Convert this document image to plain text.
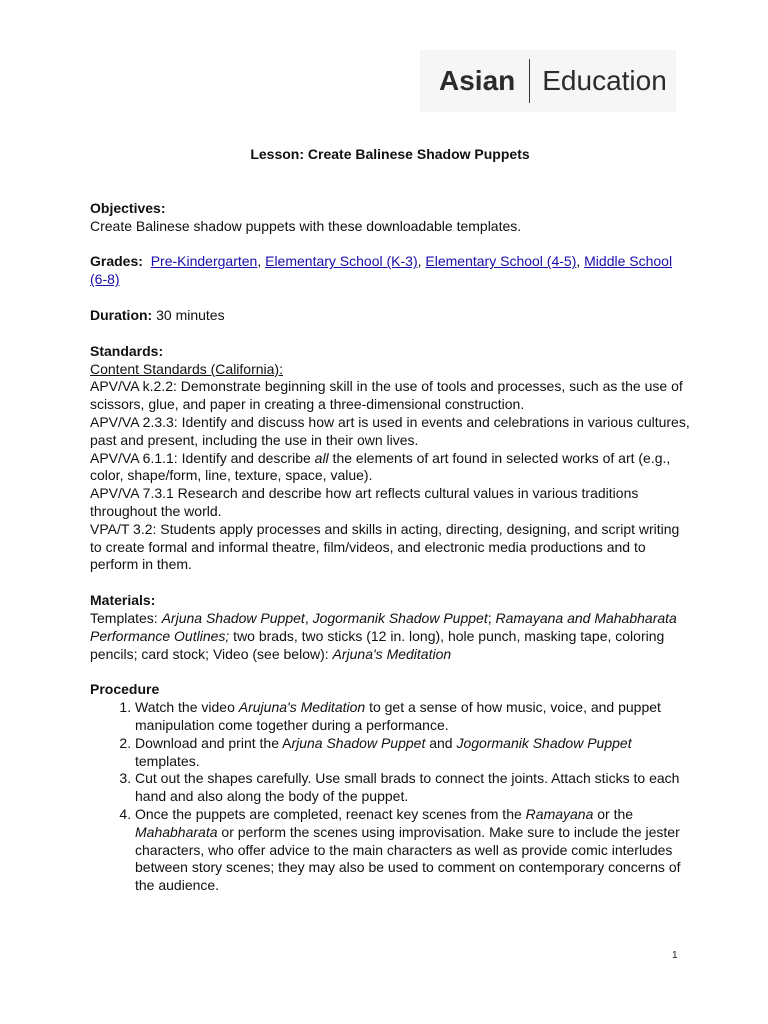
Asian Education
Lesson: Create Balinese Shadow Puppets
Objectives:
Create Balinese shadow puppets with these downloadable templates.
Grades: Pre-Kindergarten, Elementary School (K-3), Elementary School (4-5), Middle School (6-8)
Duration: 30 minutes
Standards:
Content Standards (California):
APV/VA k.2.2: Demonstrate beginning skill in the use of tools and processes, such as the use of scissors, glue, and paper in creating a three-dimensional construction.
APV/VA 2.3.3: Identify and discuss how art is used in events and celebrations in various cultures, past and present, including the use in their own lives.
APV/VA 6.1.1: Identify and describe all the elements of art found in selected works of art (e.g., color, shape/form, line, texture, space, value).
APV/VA 7.3.1 Research and describe how art reflects cultural values in various traditions throughout the world.
VPA/T 3.2: Students apply processes and skills in acting, directing, designing, and script writing to create formal and informal theatre, film/videos, and electronic media productions and to perform in them.
Materials:
Templates: Arjuna Shadow Puppet, Jogormanik Shadow Puppet; Ramayana and Mahabharata Performance Outlines; two brads, two sticks (12 in. long), hole punch, masking tape, coloring pencils; card stock; Video (see below): Arjuna's Meditation
Procedure
1. Watch the video Arujuna's Meditation to get a sense of how music, voice, and puppet manipulation come together during a performance.
2. Download and print the Arjuna Shadow Puppet and Jogormanik Shadow Puppet templates.
3. Cut out the shapes carefully. Use small brads to connect the joints. Attach sticks to each hand and also along the body of the puppet.
4. Once the puppets are completed, reenact key scenes from the Ramayana or the Mahabharata or perform the scenes using improvisation. Make sure to include the jester characters, who offer advice to the main characters as well as provide comic interludes between story scenes; they may also be used to comment on contemporary concerns of the audience.
1
